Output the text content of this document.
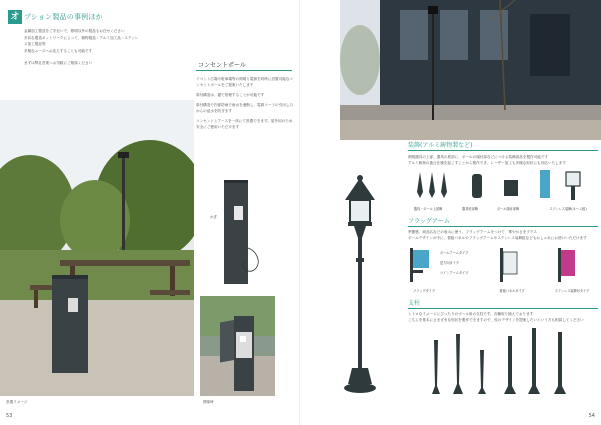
オ プション製品の事例ほか

金属加工製造をご手伝いで、照明以外の製品もお任せください

多彩な製造ネットワークによって、鋳物製品・アルミ加工品・ステンレス加工製品等

多様なニーズへお応えすることも可能です

まずは弊社営業へお気軽にご相談ください	コンセントポール

イベント広場や駐車場等の照明と電源を同時に設置可能なコンセントポールをご提案いたします

扉付構造は、鍵で管理することが可能です

扉付構造で内部防雨で雨水を遮断し、電源コードの引出し口からの浸水を防ぎます

コンセントとアースを一体にて設置できます。屋外用のため安全にご使用いただけます

設置イメージ
かぎ
開扉時
53
装飾(アルミ鋳物製など)

照明器具の上部、器具の底部に、ポールの頭付部などにつける装飾部品を製作可能です

アルミ鋳物の複合仕様を起こすことから製作でき、レーザー加工も多様な形状にも対応いたします

器具・ポール上部飾	器具底部飾	ポール頭付部飾	ステンレス装飾(ネーム板)
フラッグアーム

季節感、商品名などの表示に使う、フラッグアームをつけて、華やかさをプラス

ポールデザインの中に、看板パネルやフラッグアームやステンレス装飾板などもおしゃれにお使いいただけます

ポールアームタイプ
逆方向タイプ
ツインアームタイプ
フラッグタイプ	看板パネルタイプ	ステンレス装飾付タイプ
支柱

レトロなイメージにぴったりのポール用の支柱です。各種取り揃えております

こちらを基本にさまざまな形状を製作できますので、柱のデザインを提案したいという方も相談してください

54
